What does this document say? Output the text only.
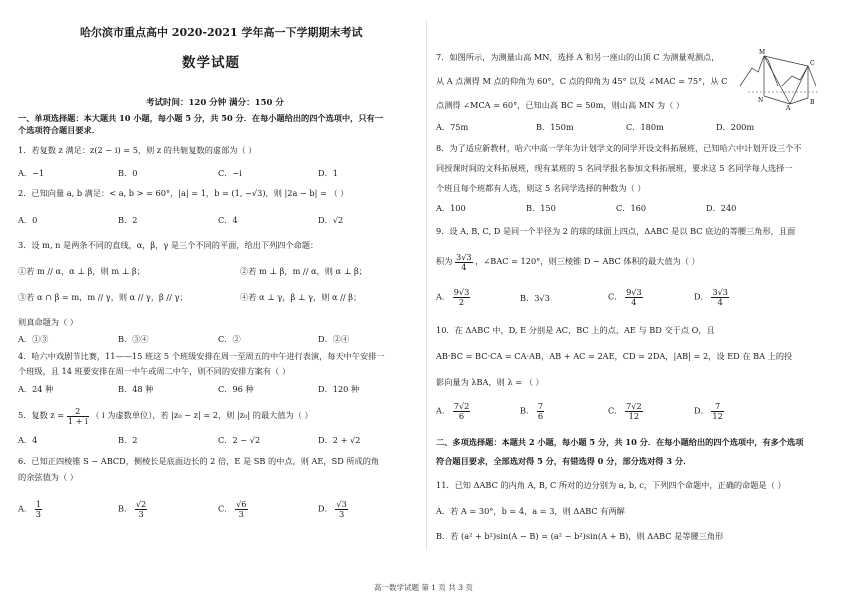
哈尔滨市重点高中 2020-2021 学年高一下学期期末考试
数学试题
考试时间：120 分钟 满分：150 分
一、单项选择题：本大题共 10 小题，每小题 5 分，共 50 分．在每小题给出的四个选项中，只有一
个选项符合题目要求．
1．若复数 z 满足：z(2 − i) = 5，则 z 的共轭复数的虚部为（ ）
A．−1	B．0	C．−i	D．1
2．已知向量 a, b 满足：< a, b > = 60°，|a| = 1，b = (1, −√3)，则 |2a − b| = （ ）
A．0	B．2	C．4	D．√2
3．设 m, n 是两条不同的直线，α，β，γ 是三个不同的平面，给出下列四个命题：
①若 m // α，α ⊥ β，则 m ⊥ β；	②若 m ⊥ β，m // α，则 α ⊥ β；
③若 α ∩ β = m，m // γ，则 α // γ，β // γ；	④若 α ⊥ γ，β ⊥ γ，则 α // β；
则真命题为（ ）
A．①③	B．③④	C．②	D．②④
4．哈六中戏剧节比赛，11——15 班这 5 个班级安排在周一至周五的中午进行表演，每天中午安排一
个班级，且 14 班要安排在周一中午或周二中午，则不同的安排方案有（ ）
A．24 种	B．48 种	C．96 种	D．120 种
5．复数 $z = \frac{2}{1 + i}$ （ i 为虚数单位），若 |z₀ − z| = 2，则 |z₀| 的最大值为（ ）
A．4	B．2	C．2 − √2	D．2 + √2
6．已知正四棱锥 S − ABCD，侧棱长是底面边长的 2 倍，E 是 SB 的中点，则 AE，SD 所成的角
的余弦值为（ ）
A． $\frac{1}{3}$	B． $\frac{√2}{3}$	C． $\frac{√6}{3}$	D． $\frac{√3}{3}$
7．如图所示，为测量山高 MN，选择 A 和另一座山的山顶 C 为测量观测点，
从 A 点测得 M 点的仰角为 60°，C 点的仰角为 45° 以及 ∠MAC = 75°，从 C
点测得 ∠MCA = 60°，已知山高 BC = 50m，则山高 MN 为（ ）
A．75m	B．150m	C．180m	D．200m
8．为了适应新教材，哈六中高一学年为计划学文的同学开设文科拓展班，已知哈六中计划开设三个不
同授课时间的文科拓展班，现有某班的 5 名同学报名参加文科拓展班，要求这 5 名同学每人选择一
个班且每个班都有人选，则这 5 名同学选择的种数为（ ）
A．100	B．150	C．160	D．240
9．设 A, B, C, D 是同一个半径为 2 的球的球面上四点，ΔABC 是以 BC 底边的等腰三角形，且面
积为 $\frac{3√3}{4}$ ，∠BAC = 120°，则三棱锥 D − ABC 体积的最大值为（ ）
A． $\frac{9√3}{2}$	B．3√3	C． $\frac{9√3}{4}$	D． $\frac{3√3}{4}$
10．在 ΔABC 中，D, E 分别是 AC，BC 上的点，AE 与 BD 交于点 O，且
AB·BC = BC·CA = CA·AB，AB + AC = 2AE，CD = 2DA，|AB| = 2，设 ED 在 BA 上的投
影向量为 λBA，则 λ = （ ）
A． $\frac{7√2}{6}$	B． $\frac{7}{6}$	C． $\frac{7√2}{12}$	D． $\frac{7}{12}$
二、多项选择题：本题共 2 小题，每小题 5 分，共 10 分．在每小题给出的四个选项中，有多个选项
符合题目要求，全部选对得 5 分，有错选得 0 分，部分选对得 3 分．
11．已知 ΔABC 的内角 A, B, C 所对的边分别为 a, b, c，下列四个命题中，正确的命题是（ ）
A．若 A = 30°，b = 4，a = 3，则 ΔABC 有两解
B．若 (a² + b²)sin(A − B) = (a² − b²)sin(A + B)，则 ΔABC 是等腰三角形
M
N
A
B
C
高一数学试题 第 1 页 共 3 页
